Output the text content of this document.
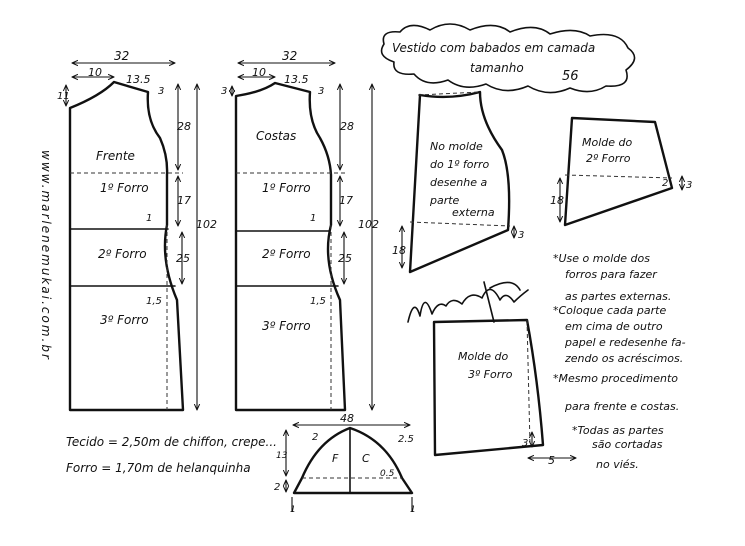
www.marlenemukai.com.br
32
10
13.5
11	3
28
17
25
102
1
1,5
Frente
1º Forro
2º Forro
3º Forro
32
10
13.5
3	3
28
17
25
102
1
1,5
Costas
1º Forro
2º Forro
3º Forro
Vestido com babados em camada
tamanho
56
No molde
do 1º forro
desenhe a
parte
externa
18
3
Molde do
2º Forro
18
2 3
Molde do
3º Forro
3
5
*Use o molde dos
forros para fazer
as partes externas.
*Coloque cada parte
em cima de outro
papel e redesenhe fa-
zendo os acréscimos.
*Mesmo procedimento
para frente e costas.
*Todas as partes
são cortadas
no viés.
Tecido = 2,50m de chiffon, crepe...
Forro = 1,70m de helanquinha
48
2	2.5
13	F C
0.5
2
1	1
